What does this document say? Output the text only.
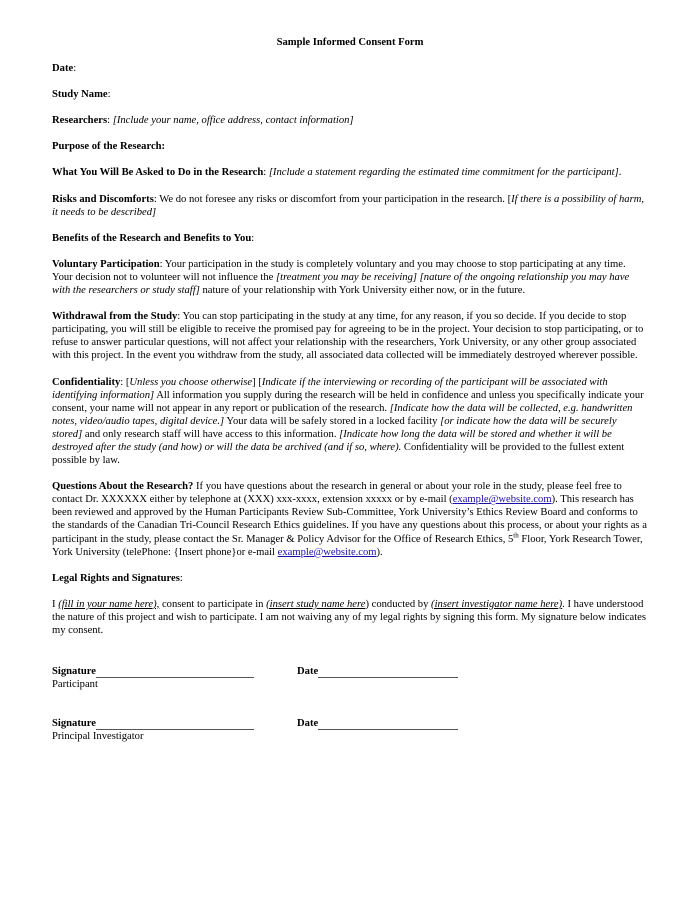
Sample Informed Consent Form

Date:

Study Name:

Researchers: [Include your name, office address, contact information]

Purpose of the Research:

What You Will Be Asked to Do in the Research: [Include a statement regarding the estimated time commitment for the participant].

Risks and Discomforts: We do not foresee any risks or discomfort from your participation in the research. [If there is a possibility of harm, it needs to be described]

Benefits of the Research and Benefits to You:

Voluntary Participation: Your participation in the study is completely voluntary and you may choose to stop participating at any time. Your decision not to volunteer will not influence the [treatment you may be receiving] [nature of the ongoing relationship you may have with the researchers or study staff] nature of your relationship with York University either now, or in the future.

Withdrawal from the Study: You can stop participating in the study at any time, for any reason, if you so decide. If you decide to stop participating, you will still be eligible to receive the promised pay for agreeing to be in the project. Your decision to stop participating, or to refuse to answer particular questions, will not affect your relationship with the researchers, York University, or any other group associated with this project. In the event you withdraw from the study, all associated data collected will be immediately destroyed wherever possible.

Confidentiality: [Unless you choose otherwise] [Indicate if the interviewing or recording of the participant will be associated with identifying information] All information you supply during the research will be held in confidence and unless you specifically indicate your consent, your name will not appear in any report or publication of the research. [Indicate how the data will be collected, e.g. handwritten notes, video/audio tapes, digital device.] Your data will be safely stored in a locked facility [or indicate how the data will be securely stored] and only research staff will have access to this information. [Indicate how long the data will be stored and whether it will be destroyed after the study (and how) or will the data be archived (and if so, where). Confidentiality will be provided to the fullest extent possible by law.

Questions About the Research? If you have questions about the research in general or about your role in the study, please feel free to contact Dr. XXXXXX either by telephone at (XXX) xxx-xxxx, extension xxxxx or by e-mail (example@website.com). This research has been reviewed and approved by the Human Participants Review Sub-Committee, York University’s Ethics Review Board and conforms to the standards of the Canadian Tri-Council Research Ethics guidelines. If you have any questions about this process, or about your rights as a participant in the study, please contact the Sr. Manager & Policy Advisor for the Office of Research Ethics, 5th Floor, York Research Tower, York University (telePhone: {Insert phone}or e-mail example@website.com).

Legal Rights and Signatures:

I (fill in your name here), consent to participate in (insert study name here) conducted by (insert investigator name here). I have understood the nature of this project and wish to participate. I am not waiving any of my legal rights by signing this form. My signature below indicates my consent.

Signature	Date
Participant
Signature	Date
Principal Investigator
